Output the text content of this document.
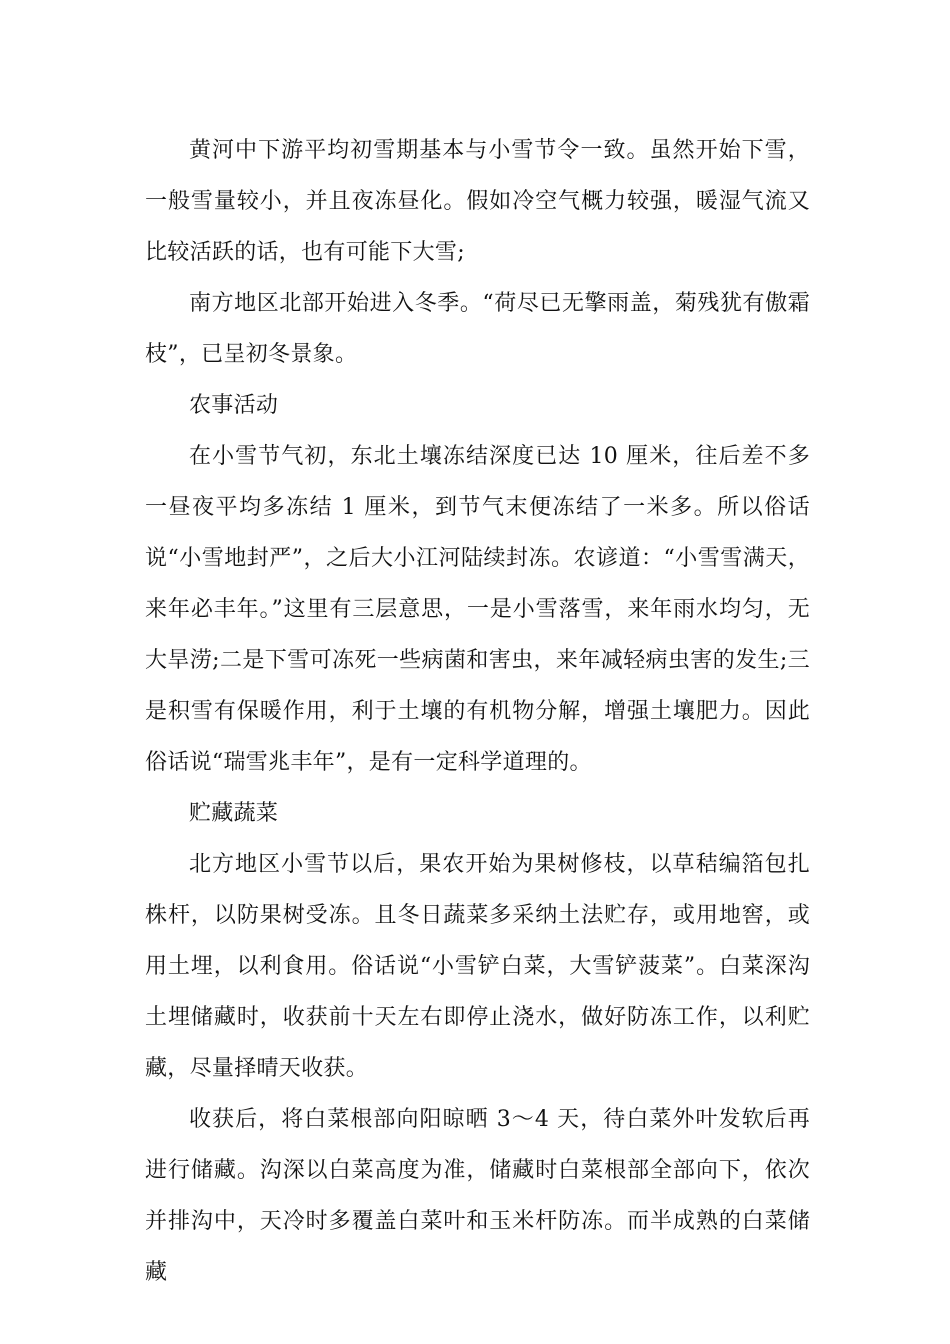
黄河中下游平均初雪期基本与小雪节令一致。虽然开始下雪，一般雪量较小，并且夜冻昼化。假如冷空气概力较强，暖湿气流又比较活跃的话，也有可能下大雪;

南方地区北部开始进入冬季。“荷尽已无擎雨盖，菊残犹有傲霜枝”，已呈初冬景象。

农事活动

在小雪节气初，东北土壤冻结深度已达 10 厘米，往后差不多一昼夜平均多冻结 1 厘米，到节气末便冻结了一米多。所以俗话说“小雪地封严”，之后大小江河陆续封冻。农谚道：“小雪雪满天，来年必丰年。”这里有三层意思，一是小雪落雪，来年雨水均匀，无大旱涝;二是下雪可冻死一些病菌和害虫，来年减轻病虫害的发生;三是积雪有保暖作用，利于土壤的有机物分解，增强土壤肥力。因此俗话说“瑞雪兆丰年”，是有一定科学道理的。

贮藏蔬菜

北方地区小雪节以后，果农开始为果树修枝，以草秸编箔包扎株杆，以防果树受冻。且冬日蔬菜多采纳土法贮存，或用地窖，或用土埋，以利食用。俗话说“小雪铲白菜，大雪铲菠菜”。白菜深沟土埋储藏时，收获前十天左右即停止浇水，做好防冻工作，以利贮藏，尽量择晴天收获。

收获后，将白菜根部向阳晾晒 3～4 天，待白菜外叶发软后再进行储藏。沟深以白菜高度为准，储藏时白菜根部全部向下，依次并排沟中，天冷时多覆盖白菜叶和玉米杆防冻。而半成熟的白菜储藏
